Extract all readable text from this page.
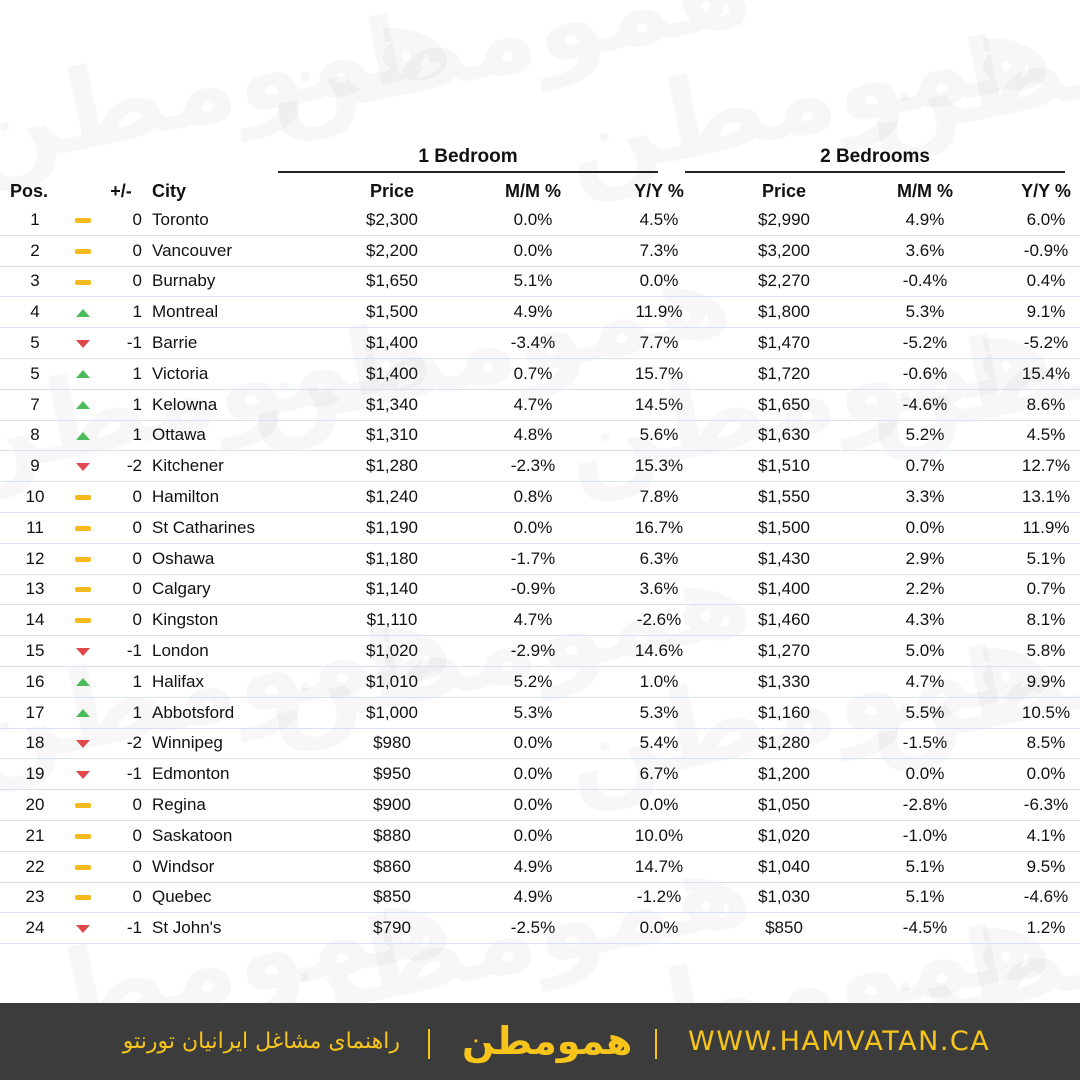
1 Bedroom	2 Bedrooms
Pos.		+/-	City	Price	M/M %	Y/Y %	Price	M/M %	Y/Y %
1		0	Toronto	$2,300	0.0%	4.5%	$2,990	4.9%	6.0%
2		0	Vancouver	$2,200	0.0%	7.3%	$3,200	3.6%	-0.9%
3		0	Burnaby	$1,650	5.1%	0.0%	$2,270	-0.4%	0.4%
4		1	Montreal	$1,500	4.9%	11.9%	$1,800	5.3%	9.1%
5		-1	Barrie	$1,400	-3.4%	7.7%	$1,470	-5.2%	-5.2%
5		1	Victoria	$1,400	0.7%	15.7%	$1,720	-0.6%	15.4%
7		1	Kelowna	$1,340	4.7%	14.5%	$1,650	-4.6%	8.6%
8		1	Ottawa	$1,310	4.8%	5.6%	$1,630	5.2%	4.5%
9		-2	Kitchener	$1,280	-2.3%	15.3%	$1,510	0.7%	12.7%
10		0	Hamilton	$1,240	0.8%	7.8%	$1,550	3.3%	13.1%
11		0	St Catharines	$1,190	0.0%	16.7%	$1,500	0.0%	11.9%
12		0	Oshawa	$1,180	-1.7%	6.3%	$1,430	2.9%	5.1%
13		0	Calgary	$1,140	-0.9%	3.6%	$1,400	2.2%	0.7%
14		0	Kingston	$1,110	4.7%	-2.6%	$1,460	4.3%	8.1%
15		-1	London	$1,020	-2.9%	14.6%	$1,270	5.0%	5.8%
16		1	Halifax	$1,010	5.2%	1.0%	$1,330	4.7%	9.9%
17		1	Abbotsford	$1,000	5.3%	5.3%	$1,160	5.5%	10.5%
18		-2	Winnipeg	$980	0.0%	5.4%	$1,280	-1.5%	8.5%
19		-1	Edmonton	$950	0.0%	6.7%	$1,200	0.0%	0.0%
20		0	Regina	$900	0.0%	0.0%	$1,050	-2.8%	-6.3%
21		0	Saskatoon	$880	0.0%	10.0%	$1,020	-1.0%	4.1%
22		0	Windsor	$860	4.9%	14.7%	$1,040	5.1%	9.5%
23		0	Quebec	$850	4.9%	-1.2%	$1,030	5.1%	-4.6%
24		-1	St John's	$790	-2.5%	0.0%	$850	-4.5%	1.2%
WWW.HAMVATAN.CA
همومطن
راهنمای مشاغل ایرانیان تورنتو
